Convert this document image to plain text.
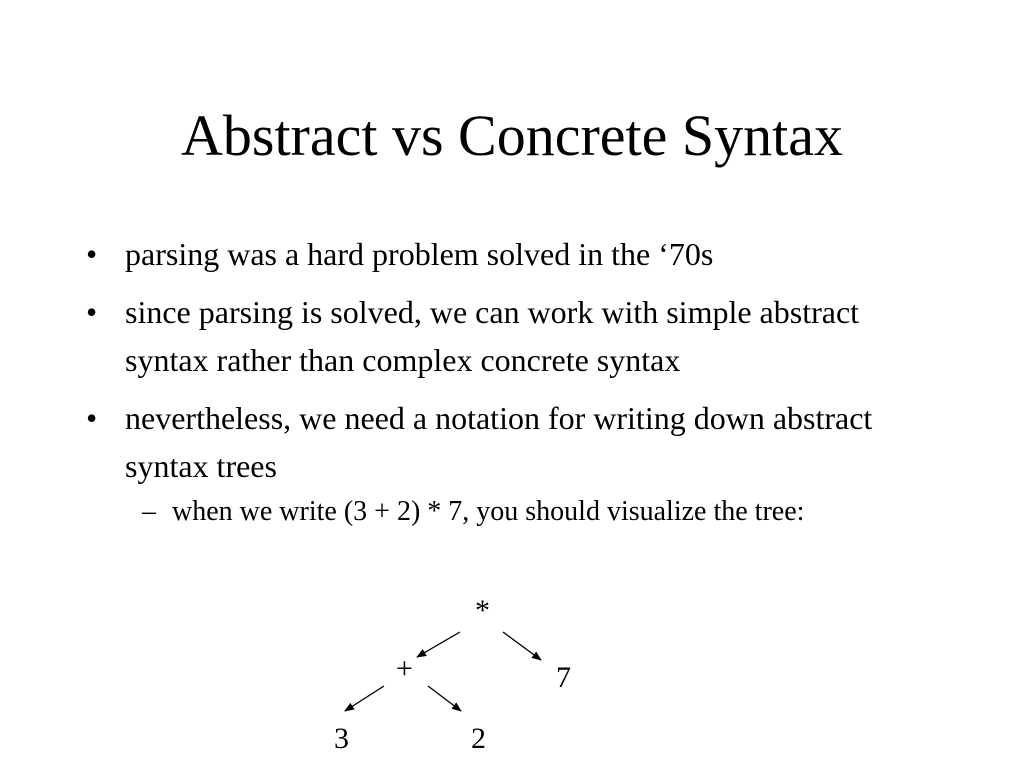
Abstract vs Concrete Syntax
• parsing was a hard problem solved in the ‘70s
• since parsing is solved, we can work with simple abstract syntax rather than complex concrete syntax
• nevertheless, we need a notation for writing down abstract syntax trees
– when we write (3 + 2) * 7, you should visualize the tree:
*
+	7
3	2
